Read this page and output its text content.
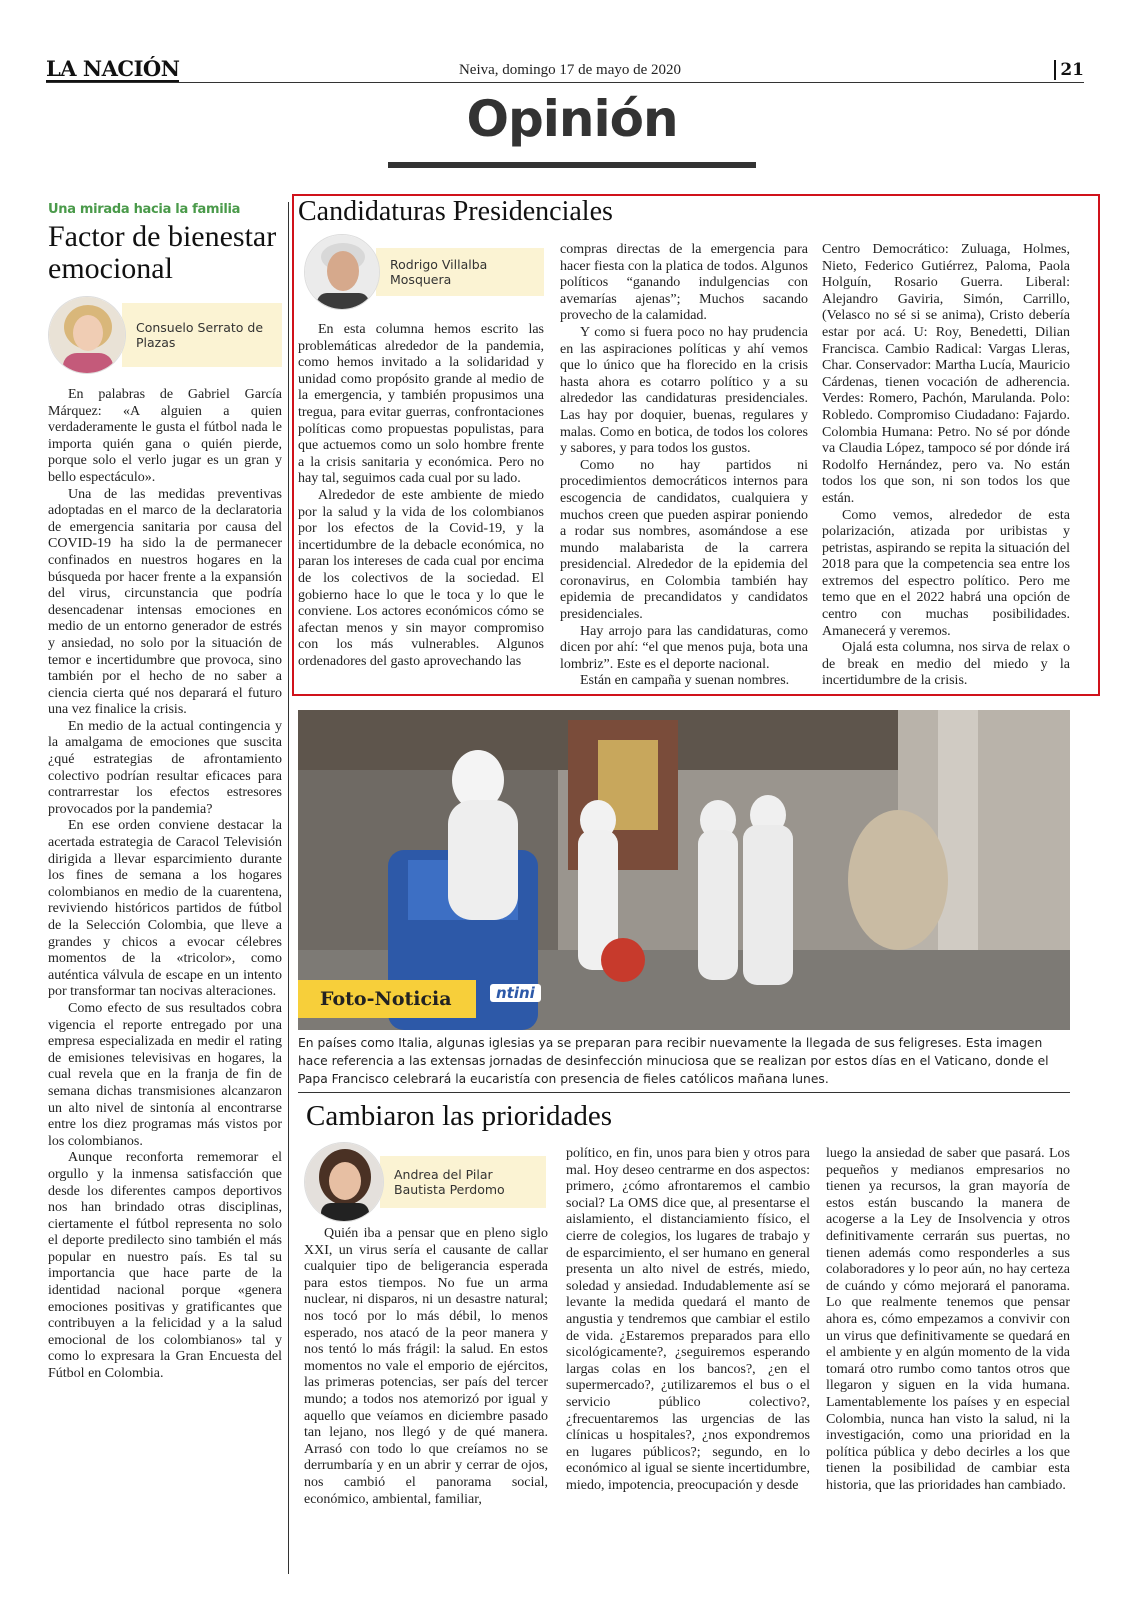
LA NACIÓN	Neiva, domingo 17 de mayo de 2020	21
Opinión
Una mirada hacia la familia
Factor de bienestar emocional
Consuelo Serrato de Plazas

En palabras de Gabriel García Márquez: «A alguien a quien verdaderamente le gusta el fútbol nada le importa quién gana o quién pierde, porque solo el verlo jugar es un gran y bello espectáculo».

Una de las medidas preventivas adoptadas en el marco de la declaratoria de emergencia sanitaria por causa del COVID-19 ha sido la de permanecer confinados en nuestros hogares en la búsqueda por hacer frente a la expansión del virus, circunstancia que podría desencadenar intensas emociones en medio de un entorno generador de estrés y ansiedad, no solo por la situación de temor e incertidumbre que provoca, sino también por el hecho de no saber a ciencia cierta qué nos deparará el futuro una vez finalice la crisis.

En medio de la actual contingencia y la amalgama de emociones que suscita ¿qué estrategias de afrontamiento colectivo podrían resultar eficaces para contrarrestar los efectos estresores provocados por la pandemia?

En ese orden conviene destacar la acertada estrategia de Caracol Televisión dirigida a llevar esparcimiento durante los fines de semana a los hogares colombianos en medio de la cuarentena, reviviendo históricos partidos de fútbol de la Selección Colombia, que lleve a grandes y chicos a evocar célebres momentos de la «tricolor», como auténtica válvula de escape en un intento por transformar tan nocivas alteraciones.

Como efecto de sus resultados cobra vigencia el reporte entregado por una empresa especializada en medir el rating de emisiones televisivas en hogares, la cual revela que en la franja de fin de semana dichas transmisiones alcanzaron un alto nivel de sintonía al encontrarse entre los diez programas más vistos por los colombianos.

Aunque reconforta rememorar el orgullo y la inmensa satisfacción que desde los diferentes campos deportivos nos han brindado otras disciplinas, ciertamente el fútbol representa no solo el deporte predilecto sino también el más popular en nuestro país. Es tal su importancia que hace parte de la identidad nacional porque «genera emociones positivas y gratificantes que contribuyen a la felicidad y a la salud emocional de los colombianos» tal y como lo expresara la Gran Encuesta del Fútbol en Colombia.

Candidaturas Presidenciales
Rodrigo Villalba Mosquera

En esta columna hemos escrito las problemáticas alrededor de la pandemia, como hemos invitado a la solidaridad y unidad como propósito grande al medio de la emergencia, y también propusimos una tregua, para evitar guerras, confrontaciones políticas como propuestas populistas, para que actuemos como un solo hombre frente a la crisis sanitaria y económica. Pero no hay tal, seguimos cada cual por su lado.

Alrededor de este ambiente de miedo por la salud y la vida de los colombianos por los efectos de la Covid-19, y la incertidumbre de la debacle económica, no paran los intereses de cada cual por encima de los colectivos de la sociedad. El gobierno hace lo que le toca y lo que le conviene. Los actores económicos cómo se afectan menos y sin mayor compromiso con los más vulnerables. Algunos ordenadores del gasto aprovechando las

compras directas de la emergencia para hacer fiesta con la platica de todos. Algunos políticos “ganando indulgencias con avemarías ajenas”; Muchos sacando provecho de la calamidad.

Y como si fuera poco no hay prudencia en las aspiraciones políticas y ahí vemos que lo único que ha florecido en la crisis hasta ahora es cotarro político y a su alrededor las candidaturas presidenciales. Las hay por doquier, buenas, regulares y malas. Como en botica, de todos los colores y sabores, y para todos los gustos.

Como no hay partidos ni procedimientos democráticos internos para escogencia de candidatos, cualquiera y muchos creen que pueden aspirar poniendo a rodar sus nombres, asomándose a ese mundo malabarista de la carrera presidencial. Alrededor de la epidemia del coronavirus, en Colombia también hay epidemia de precandidatos y candidatos presidenciales.

Hay arrojo para las candidaturas, como dicen por ahí: “el que menos puja, bota una lombriz”. Este es el deporte nacional.

Están en campaña y suenan nombres.

Centro Democrático: Zuluaga, Holmes, Nieto, Federico Gutiérrez, Paloma, Paola Holguín, Rosario Guerra. Liberal: Alejandro Gaviria, Simón, Carrillo, (Velasco no sé si se anima), Cristo debería estar por acá. U: Roy, Benedetti, Dilian Francisca. Cambio Radical: Vargas Lleras, Char. Conservador: Martha Lucía, Mauricio Cárdenas, tienen vocación de adherencia. Verdes: Romero, Pachón, Marulanda. Polo: Robledo. Compromiso Ciudadano: Fajardo. Colombia Humana: Petro. No sé por dónde va Claudia López, tampoco sé por dónde irá Rodolfo Hernández, pero va. No están todos los que son, ni son todos los que están.

Como vemos, alrededor de esta polarización, atizada por uribistas y petristas, aspirando se repita la situación del 2018 para que la competencia sea entre los extremos del espectro político. Pero me temo que en el 2022 habrá una opción de centro con muchas posibilidades. Amanecerá y veremos.

Ojalá esta columna, nos sirva de relax o de break en medio del miedo y la incertidumbre de la crisis.

ntini
Foto-Noticia
En países como Italia, algunas iglesias ya se preparan para recibir nuevamente la llegada de sus feligreses. Esta imagen hace referencia a las extensas jornadas de desinfección minuciosa que se realizan por estos días en el Vaticano, donde el Papa Francisco celebrará la eucaristía con presencia de fieles católicos mañana lunes.
Cambiaron las prioridades
Andrea del Pilar Bautista Perdomo

Quién iba a pensar que en pleno siglo XXI, un virus sería el causante de callar cualquier tipo de beligerancia esperada para estos tiempos. No fue un arma nuclear, ni disparos, ni un desastre natural; nos tocó por lo más débil, lo menos esperado, nos atacó de la peor manera y nos tentó lo más frágil: la salud. En estos momentos no vale el emporio de ejércitos, las primeras potencias, ser país del tercer mundo; a todos nos atemorizó por igual y aquello que veíamos en diciembre pasado tan lejano, nos llegó y de qué manera. Arrasó con todo lo que creíamos no se derrumbaría y en un abrir y cerrar de ojos, nos cambió el panorama social, económico, ambiental, familiar,

político, en fin, unos para bien y otros para mal. Hoy deseo centrarme en dos aspectos: primero, ¿cómo afrontaremos el cambio social? La OMS dice que, al presentarse el aislamiento, el distanciamiento físico, el cierre de colegios, los lugares de trabajo y de esparcimiento, el ser humano en general presenta un alto nivel de estrés, miedo, soledad y ansiedad. Indudablemente así se levante la medida quedará el manto de angustia y tendremos que cambiar el estilo de vida. ¿Estaremos preparados para ello sicológicamente?, ¿seguiremos esperando largas colas en los bancos?, ¿en el supermercado?, ¿utilizaremos el bus o el servicio público colectivo?, ¿frecuentaremos las urgencias de las clínicas u hospitales?, ¿nos expondremos en lugares públicos?; segundo, en lo económico al igual se siente incertidumbre, miedo, impotencia, preocupación y desde

luego la ansiedad de saber que pasará. Los pequeños y medianos empresarios no tienen ya recursos, la gran mayoría de estos están buscando la manera de acogerse a la Ley de Insolvencia y otros definitivamente cerrarán sus puertas, no tienen además como responderles a sus colaboradores y lo peor aún, no hay certeza de cuándo y cómo mejorará el panorama. Lo que realmente tenemos que pensar ahora es, cómo empezamos a convivir con un virus que definitivamente se quedará en el ambiente y en algún momento de la vida tomará otro rumbo como tantos otros que llegaron y siguen en la vida humana. Lamentablemente los países y en especial Colombia, nunca han visto la salud, ni la investigación, como una prioridad en la política pública y debo decirles a los que tienen la posibilidad de cambiar esta historia, que las prioridades han cambiado.
